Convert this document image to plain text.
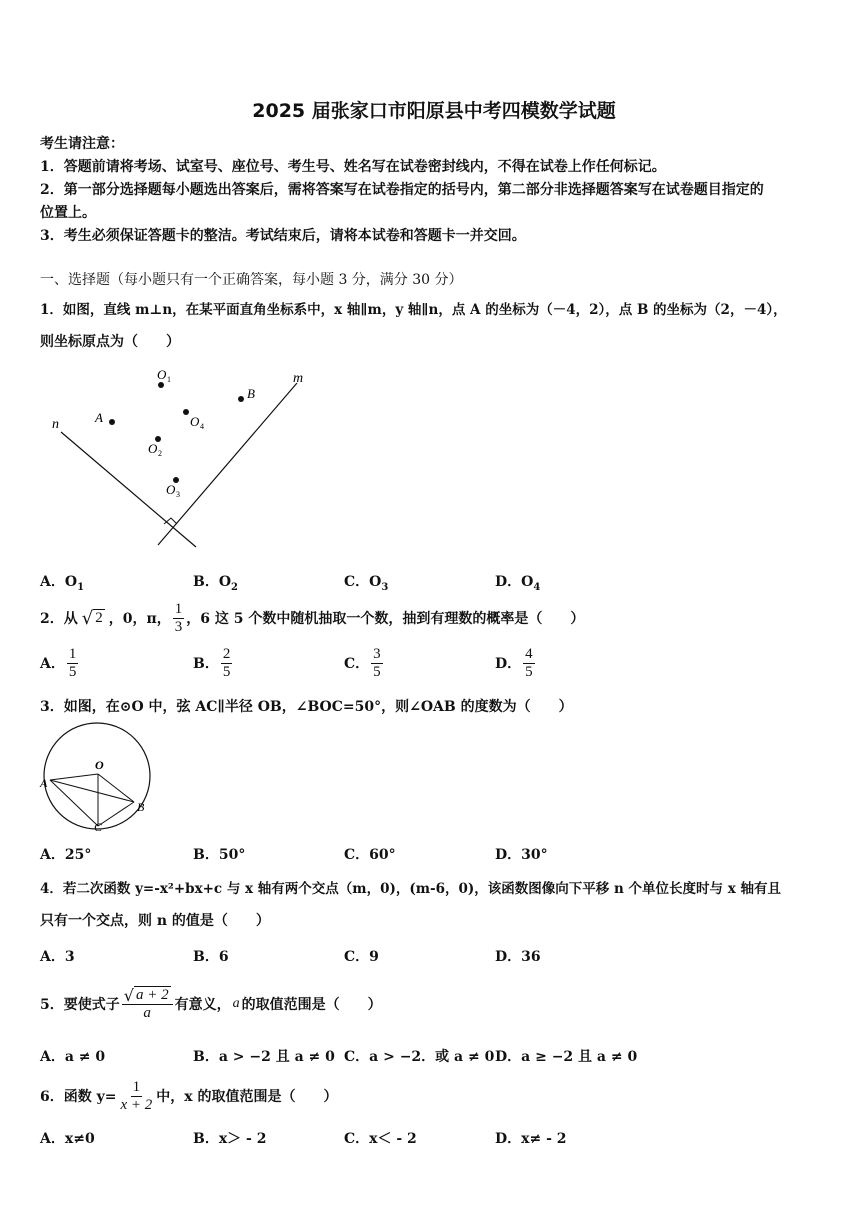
2025 届张家口市阳原县中考四模数学试题
考生请注意：
1．答题前请将考场、试室号、座位号、考生号、姓名写在试卷密封线内，不得在试卷上作任何标记。
2．第一部分选择题每小题选出答案后，需将答案写在试卷指定的括号内，第二部分非选择题答案写在试卷题目指定的
位置上。
3．考生必须保证答题卡的整洁。考试结束后，请将本试卷和答题卡一并交回。
一、选择题（每小题只有一个正确答案，每小题 3 分，满分 30 分）
1．如图，直线 m⊥n，在某平面直角坐标系中，x 轴∥m，y 轴∥n，点 A 的坐标为（－4，2），点 B 的坐标为（2，－4），
则坐标原点为（　　）
n
m
A
B
O 1
O 4
O 2
O 3
A．$O_1$	B．$O_2$	C．$O_3$	D．$O_4$
2．从 √ 2 ，0，π， $\frac{1}{3}$ ，6 这 5 个数中随机抽取一个数，抽到有理数的概率是（　　）
A． $\frac{1}{5}$	B． $\frac{2}{5}$	C． $\frac{3}{5}$	D． $\frac{4}{5}$
3．如图，在⊙O 中，弦 AC∥半径 OB，∠BOC=50°，则∠OAB 的度数为（　　）
O
A
B
C
A．25°	B．50°	C．60°	D．30°
4．若二次函数 y=-x²+bx+c 与 x 轴有两个交点（m，0)，(m-6，0)，该函数图像向下平移 n 个单位长度时与 x 轴有且
只有一个交点，则 n 的值是（　　）
A．3	B．6	C．9	D．36
5．要使式子 $\frac{√ a + 2}{a}$ 有意义， a 的取值范围是（　　）
A．a ≠ 0	B．a > −2 且 a ≠ 0 C．a > −2．或 a ≠ 0 D．a ≥ −2 且 a ≠ 0
6．函数 $y= \frac{1}{x + 2}$ 中，x 的取值范围是（　　）
A．x≠0	B．x＞ - 2	C．x＜ - 2	D．x≠ - 2
